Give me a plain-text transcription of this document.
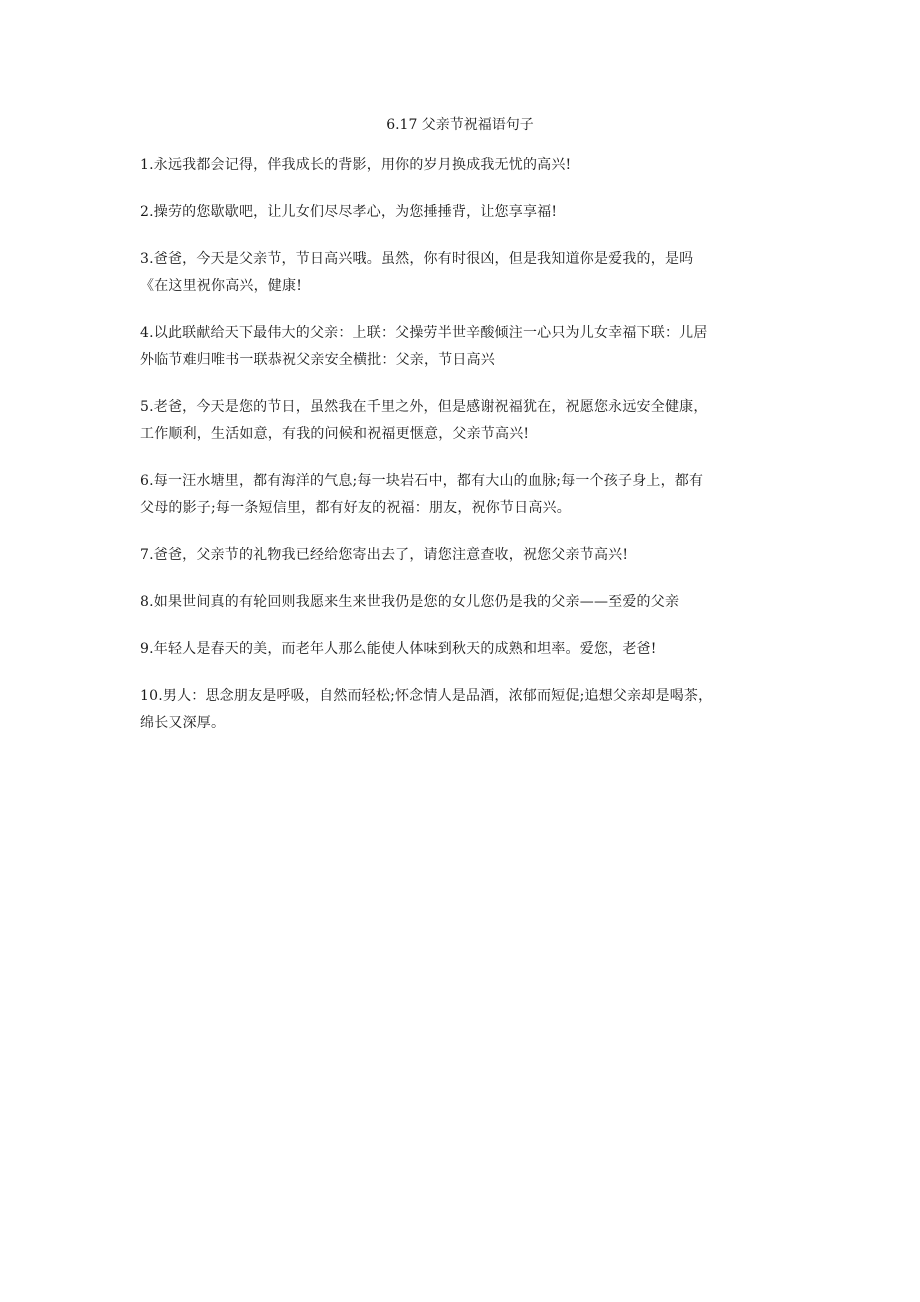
6.17 父亲节祝福语句子

1.永远我都会记得，伴我成长的背影，用你的岁月换成我无忧的高兴!

2.操劳的您歇歇吧，让儿女们尽尽孝心，为您捶捶背，让您享享福!

3.爸爸，今天是父亲节，节日高兴哦。虽然，你有时很凶，但是我知道你是爱我的，是吗
《在这里祝你高兴，健康!

4.以此联献给天下最伟大的父亲：上联：父操劳半世辛酸倾注一心只为儿女幸福下联：儿居
外临节难归唯书一联恭祝父亲安全横批：父亲，节日高兴

5.老爸，今天是您的节日，虽然我在千里之外，但是感谢祝福犹在，祝愿您永远安全健康，
工作顺利，生活如意，有我的问候和祝福更惬意，父亲节高兴!

6.每一汪水塘里，都有海洋的气息;每一块岩石中，都有大山的血脉;每一个孩子身上，都有
父母的影子;每一条短信里，都有好友的祝福：朋友，祝你节日高兴。

7.爸爸，父亲节的礼物我已经给您寄出去了，请您注意查收，祝您父亲节高兴!

8.如果世间真的有轮回则我愿来生来世我仍是您的女儿您仍是我的父亲——至爱的父亲

9.年轻人是春天的美，而老年人那么能使人体味到秋天的成熟和坦率。爱您，老爸!

10.男人：思念朋友是呼吸，自然而轻松;怀念情人是品酒，浓郁而短促;追想父亲却是喝茶，
绵长又深厚。
